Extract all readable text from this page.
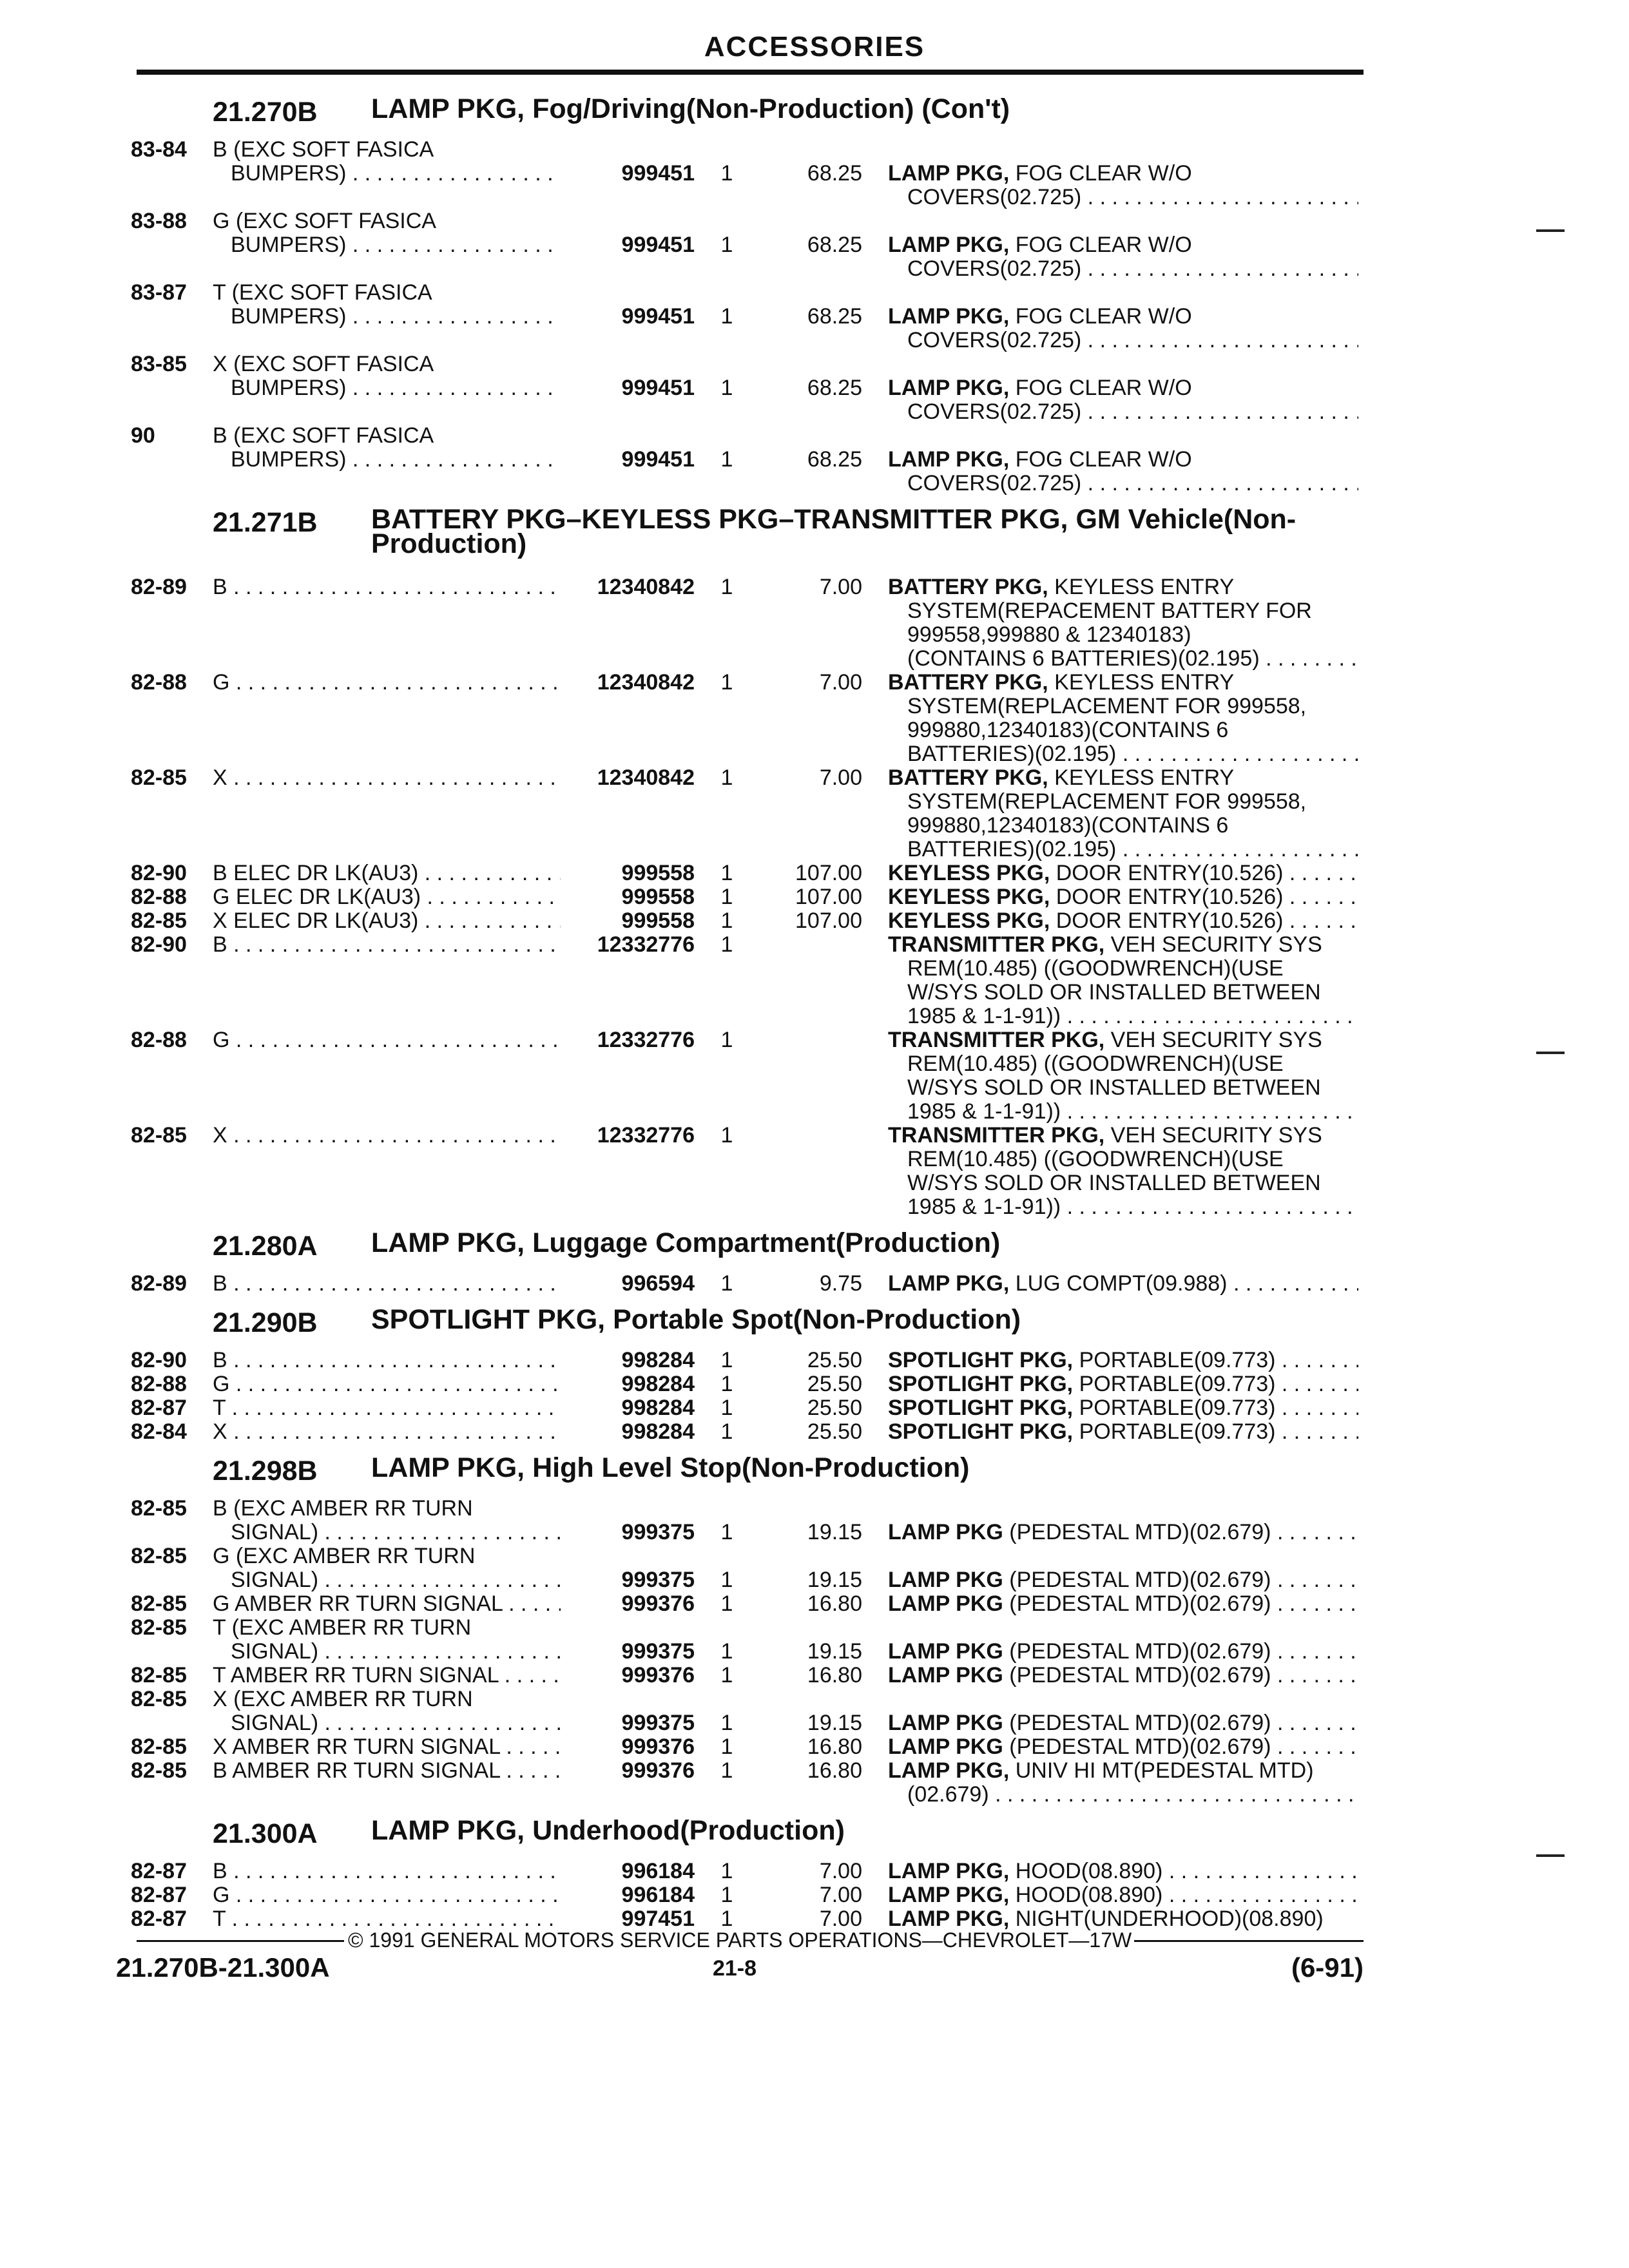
ACCESSORIES
21.270B LAMP PKG, Fog/Driving(Non-Production) (Con't)
83-84	B (EXC SOFT FASICA
BUMPERS) . . .	999451	1	68.25 LAMP PKG, FOG CLEAR W/O
COVERS(02.725) . . .
83-88	G (EXC SOFT FASICA
BUMPERS) . . .	999451	1	68.25 LAMP PKG, FOG CLEAR W/O
COVERS(02.725) . . .
83-87	T (EXC SOFT FASICA
BUMPERS) . . .	999451	1	68.25 LAMP PKG, FOG CLEAR W/O
COVERS(02.725) . . .
83-85	X (EXC SOFT FASICA
BUMPERS) . . .	999451	1	68.25 LAMP PKG, FOG CLEAR W/O
COVERS(02.725) . . .
90	B (EXC SOFT FASICA
BUMPERS) . . .	999451	1	68.25 LAMP PKG, FOG CLEAR W/O
COVERS(02.725) . . .
21.271B BATTERY PKG–KEYLESS PKG–TRANSMITTER PKG, GM Vehicle(Non-Production)
82-89	B . . .	12340842	1	7.00 BATTERY PKG, KEYLESS ENTRY
SYSTEM(REPACEMENT BATTERY FOR
999558,999880 & 12340183)
(CONTAINS 6 BATTERIES)(02.195) . . .
82-88	G . . .	12340842	1	7.00 BATTERY PKG, KEYLESS ENTRY
SYSTEM(REPLACEMENT FOR 999558,
999880,12340183)(CONTAINS 6
BATTERIES)(02.195) . . .
82-85	X . . .	12340842	1	7.00 BATTERY PKG, KEYLESS ENTRY
SYSTEM(REPLACEMENT FOR 999558,
999880,12340183)(CONTAINS 6
BATTERIES)(02.195) . . .
82-90	B ELEC DR LK(AU3) . . .	999558	1	107.00 KEYLESS PKG, DOOR ENTRY(10.526) . . .
82-88	G ELEC DR LK(AU3) . . .	999558	1	107.00 KEYLESS PKG, DOOR ENTRY(10.526) . . .
82-85	X ELEC DR LK(AU3) . . .	999558	1	107.00 KEYLESS PKG, DOOR ENTRY(10.526) . . .
82-90	B . . .	12332776	1	TRANSMITTER PKG, VEH SECURITY SYS
REM(10.485) ((GOODWRENCH)(USE
W/SYS SOLD OR INSTALLED BETWEEN
1985 & 1-1-91)) . . .
82-88	G . . .	12332776	1	TRANSMITTER PKG, VEH SECURITY SYS
REM(10.485) ((GOODWRENCH)(USE
W/SYS SOLD OR INSTALLED BETWEEN
1985 & 1-1-91)) . . .
82-85	X . . .	12332776	1	TRANSMITTER PKG, VEH SECURITY SYS
REM(10.485) ((GOODWRENCH)(USE
W/SYS SOLD OR INSTALLED BETWEEN
1985 & 1-1-91)) . . .
21.280A LAMP PKG, Luggage Compartment(Production)
82-89	B . . .	996594	1	9.75 LAMP PKG, LUG COMPT(09.988) . . .
21.290B SPOTLIGHT PKG, Portable Spot(Non-Production)
82-90	B . . .	998284	1	25.50 SPOTLIGHT PKG, PORTABLE(09.773) . . .
82-88	G . . .	998284	1	25.50 SPOTLIGHT PKG, PORTABLE(09.773) . . .
82-87	T . . .	998284	1	25.50 SPOTLIGHT PKG, PORTABLE(09.773) . . .
82-84	X . . .	998284	1	25.50 SPOTLIGHT PKG, PORTABLE(09.773) . . .
21.298B LAMP PKG, High Level Stop(Non-Production)
82-85	B (EXC AMBER RR TURN
SIGNAL) . . .	999375	1	19.15 LAMP PKG (PEDESTAL MTD)(02.679) . . .
82-85	G (EXC AMBER RR TURN
SIGNAL) . . .	999375	1	19.15 LAMP PKG (PEDESTAL MTD)(02.679) . . .
82-85	G AMBER RR TURN SIGNAL . . .	999376	1	16.80 LAMP PKG (PEDESTAL MTD)(02.679) . . .
82-85	T (EXC AMBER RR TURN
SIGNAL) . . .	999375	1	19.15 LAMP PKG (PEDESTAL MTD)(02.679) . . .
82-85	T AMBER RR TURN SIGNAL . . .	999376	1	16.80 LAMP PKG (PEDESTAL MTD)(02.679) . . .
82-85	X (EXC AMBER RR TURN
SIGNAL) . . .	999375	1	19.15 LAMP PKG (PEDESTAL MTD)(02.679) . . .
82-85	X AMBER RR TURN SIGNAL . . .	999376	1	16.80 LAMP PKG (PEDESTAL MTD)(02.679) . . .
82-85	B AMBER RR TURN SIGNAL . . .	999376	1	16.80 LAMP PKG, UNIV HI MT(PEDESTAL MTD)
(02.679) . . .
21.300A LAMP PKG, Underhood(Production)
82-87	B . . .	996184	1	7.00 LAMP PKG, HOOD(08.890) . . .
82-87	G . . .	996184	1	7.00 LAMP PKG, HOOD(08.890) . . .
82-87	T . . .	997451	1	7.00 LAMP PKG, NIGHT(UNDERHOOD)(08.890)
© 1991 GENERAL MOTORS SERVICE PARTS OPERATIONS—CHEVROLET—17W
21.270B-21.300A	21-8	(6-91)
